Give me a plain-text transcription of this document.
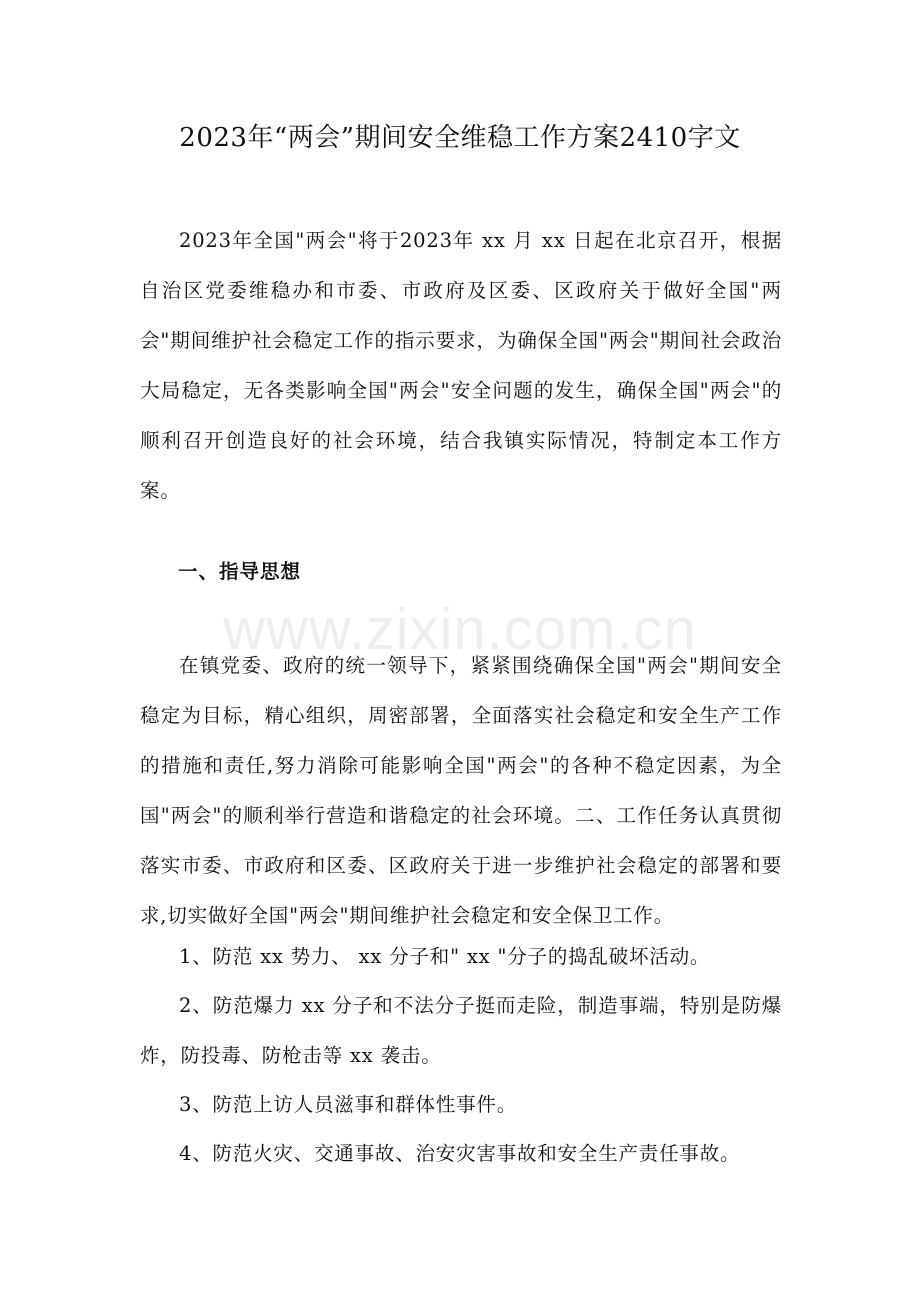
2023年“两会”期间安全维稳工作方案2410字文

2023年全国"两会"将于2023年 xx 月 xx 日起在北京召开，根据自治区党委维稳办和市委、市政府及区委、区政府关于做好全国"两会"期间维护社会稳定工作的指示要求，为确保全国"两会"期间社会政治大局稳定，无各类影响全国"两会"安全问题的发生，确保全国"两会"的顺利召开创造良好的社会环境，结合我镇实际情况，特制定本工作方案。

一、指导思想

在镇党委、政府的统一领导下，紧紧围绕确保全国"两会"期间安全稳定为目标，精心组织，周密部署，全面落实社会稳定和安全生产工作的措施和责任,努力消除可能影响全国"两会"的各种不稳定因素，为全国"两会"的顺利举行营造和谐稳定的社会环境。二、工作任务认真贯彻落实市委、市政府和区委、区政府关于进一步维护社会稳定的部署和要求,切实做好全国"两会"期间维护社会稳定和安全保卫工作。

1、防范 xx 势力、 xx 分子和" xx "分子的捣乱破坏活动。

2、防范爆力 xx 分子和不法分子挺而走险，制造事端，特别是防爆炸，防投毒、防枪击等 xx 袭击。

3、防范上访人员滋事和群体性事件。

4、防范火灾、交通事故、治安灾害事故和安全生产责任事故。

www.zixin.com.cn
